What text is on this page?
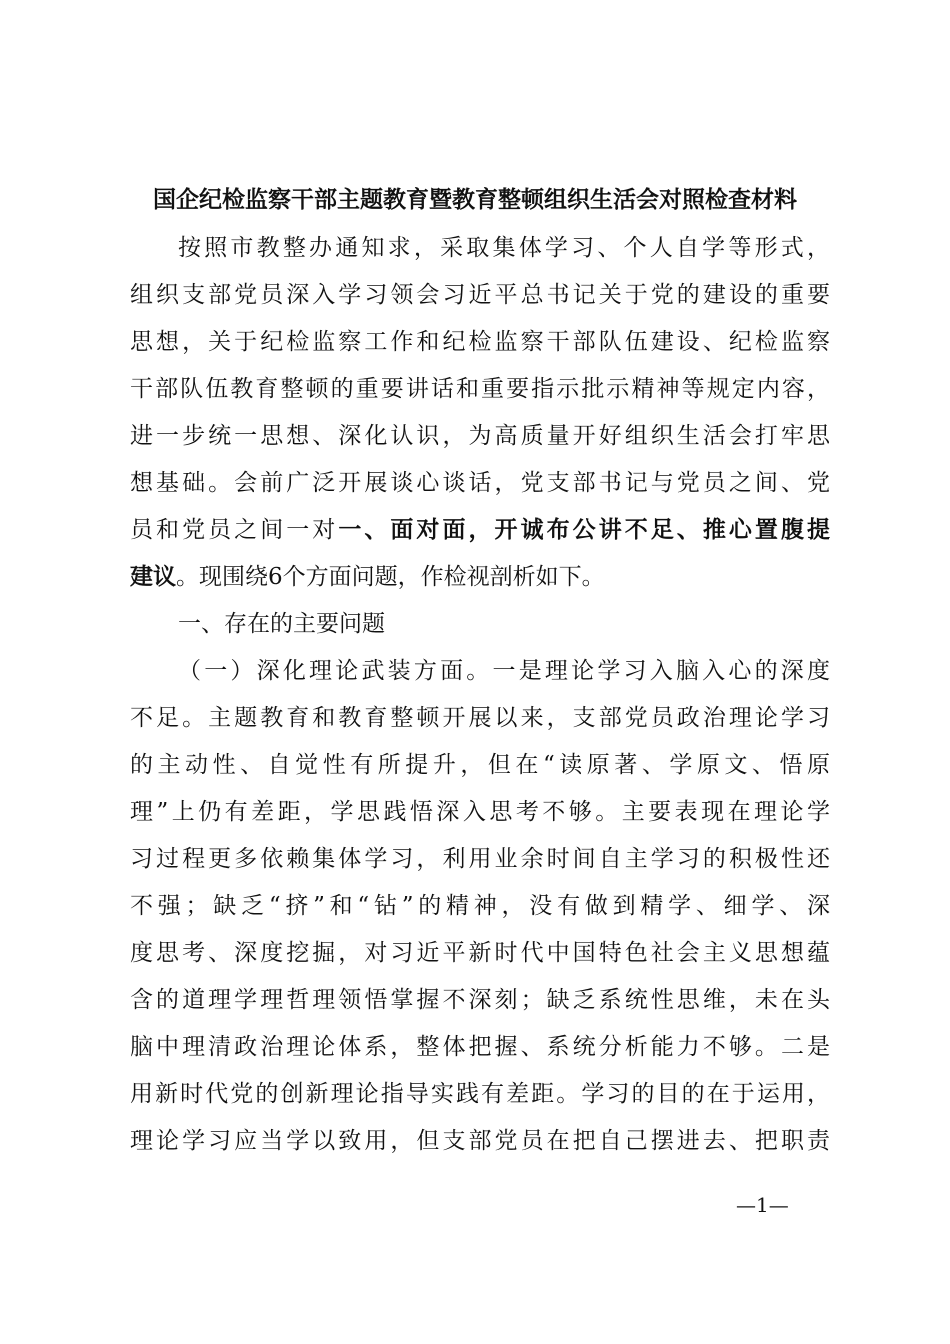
国企纪检监察干部主题教育暨教育整顿组织生活会对照检查材料
按照市教整办通知求，采取集体学习、个人自学等形式，
组织支部党员深入学习领会习近平总书记关于党的建设的重要
思想，关于纪检监察工作和纪检监察干部队伍建设、纪检监察
干部队伍教育整顿的重要讲话和重要指示批示精神等规定内容，
进一步统一思想、深化认识，为高质量开好组织生活会打牢思
想基础。会前广泛开展谈心谈话，党支部书记与党员之间、党
员和党员之间一对一、面对面，开诚布公讲不足、推心置腹提
建议。现围绕6个方面问题，作检视剖析如下。
一、存在的主要问题
（一）深化理论武装方面。一是理论学习入脑入心的深度
不足。主题教育和教育整顿开展以来，支部党员政治理论学习
的主动性、自觉性有所提升，但在“读原著、学原文、悟原
理”上仍有差距，学思践悟深入思考不够。主要表现在理论学
习过程更多依赖集体学习，利用业余时间自主学习的积极性还
不强；缺乏“挤”和“钻”的精神，没有做到精学、细学、深
度思考、深度挖掘，对习近平新时代中国特色社会主义思想蕴
含的道理学理哲理领悟掌握不深刻；缺乏系统性思维，未在头
脑中理清政治理论体系，整体把握、系统分析能力不够。二是
用新时代党的创新理论指导实践有差距。学习的目的在于运用，
理论学习应当学以致用，但支部党员在把自己摆进去、把职责
—1—
